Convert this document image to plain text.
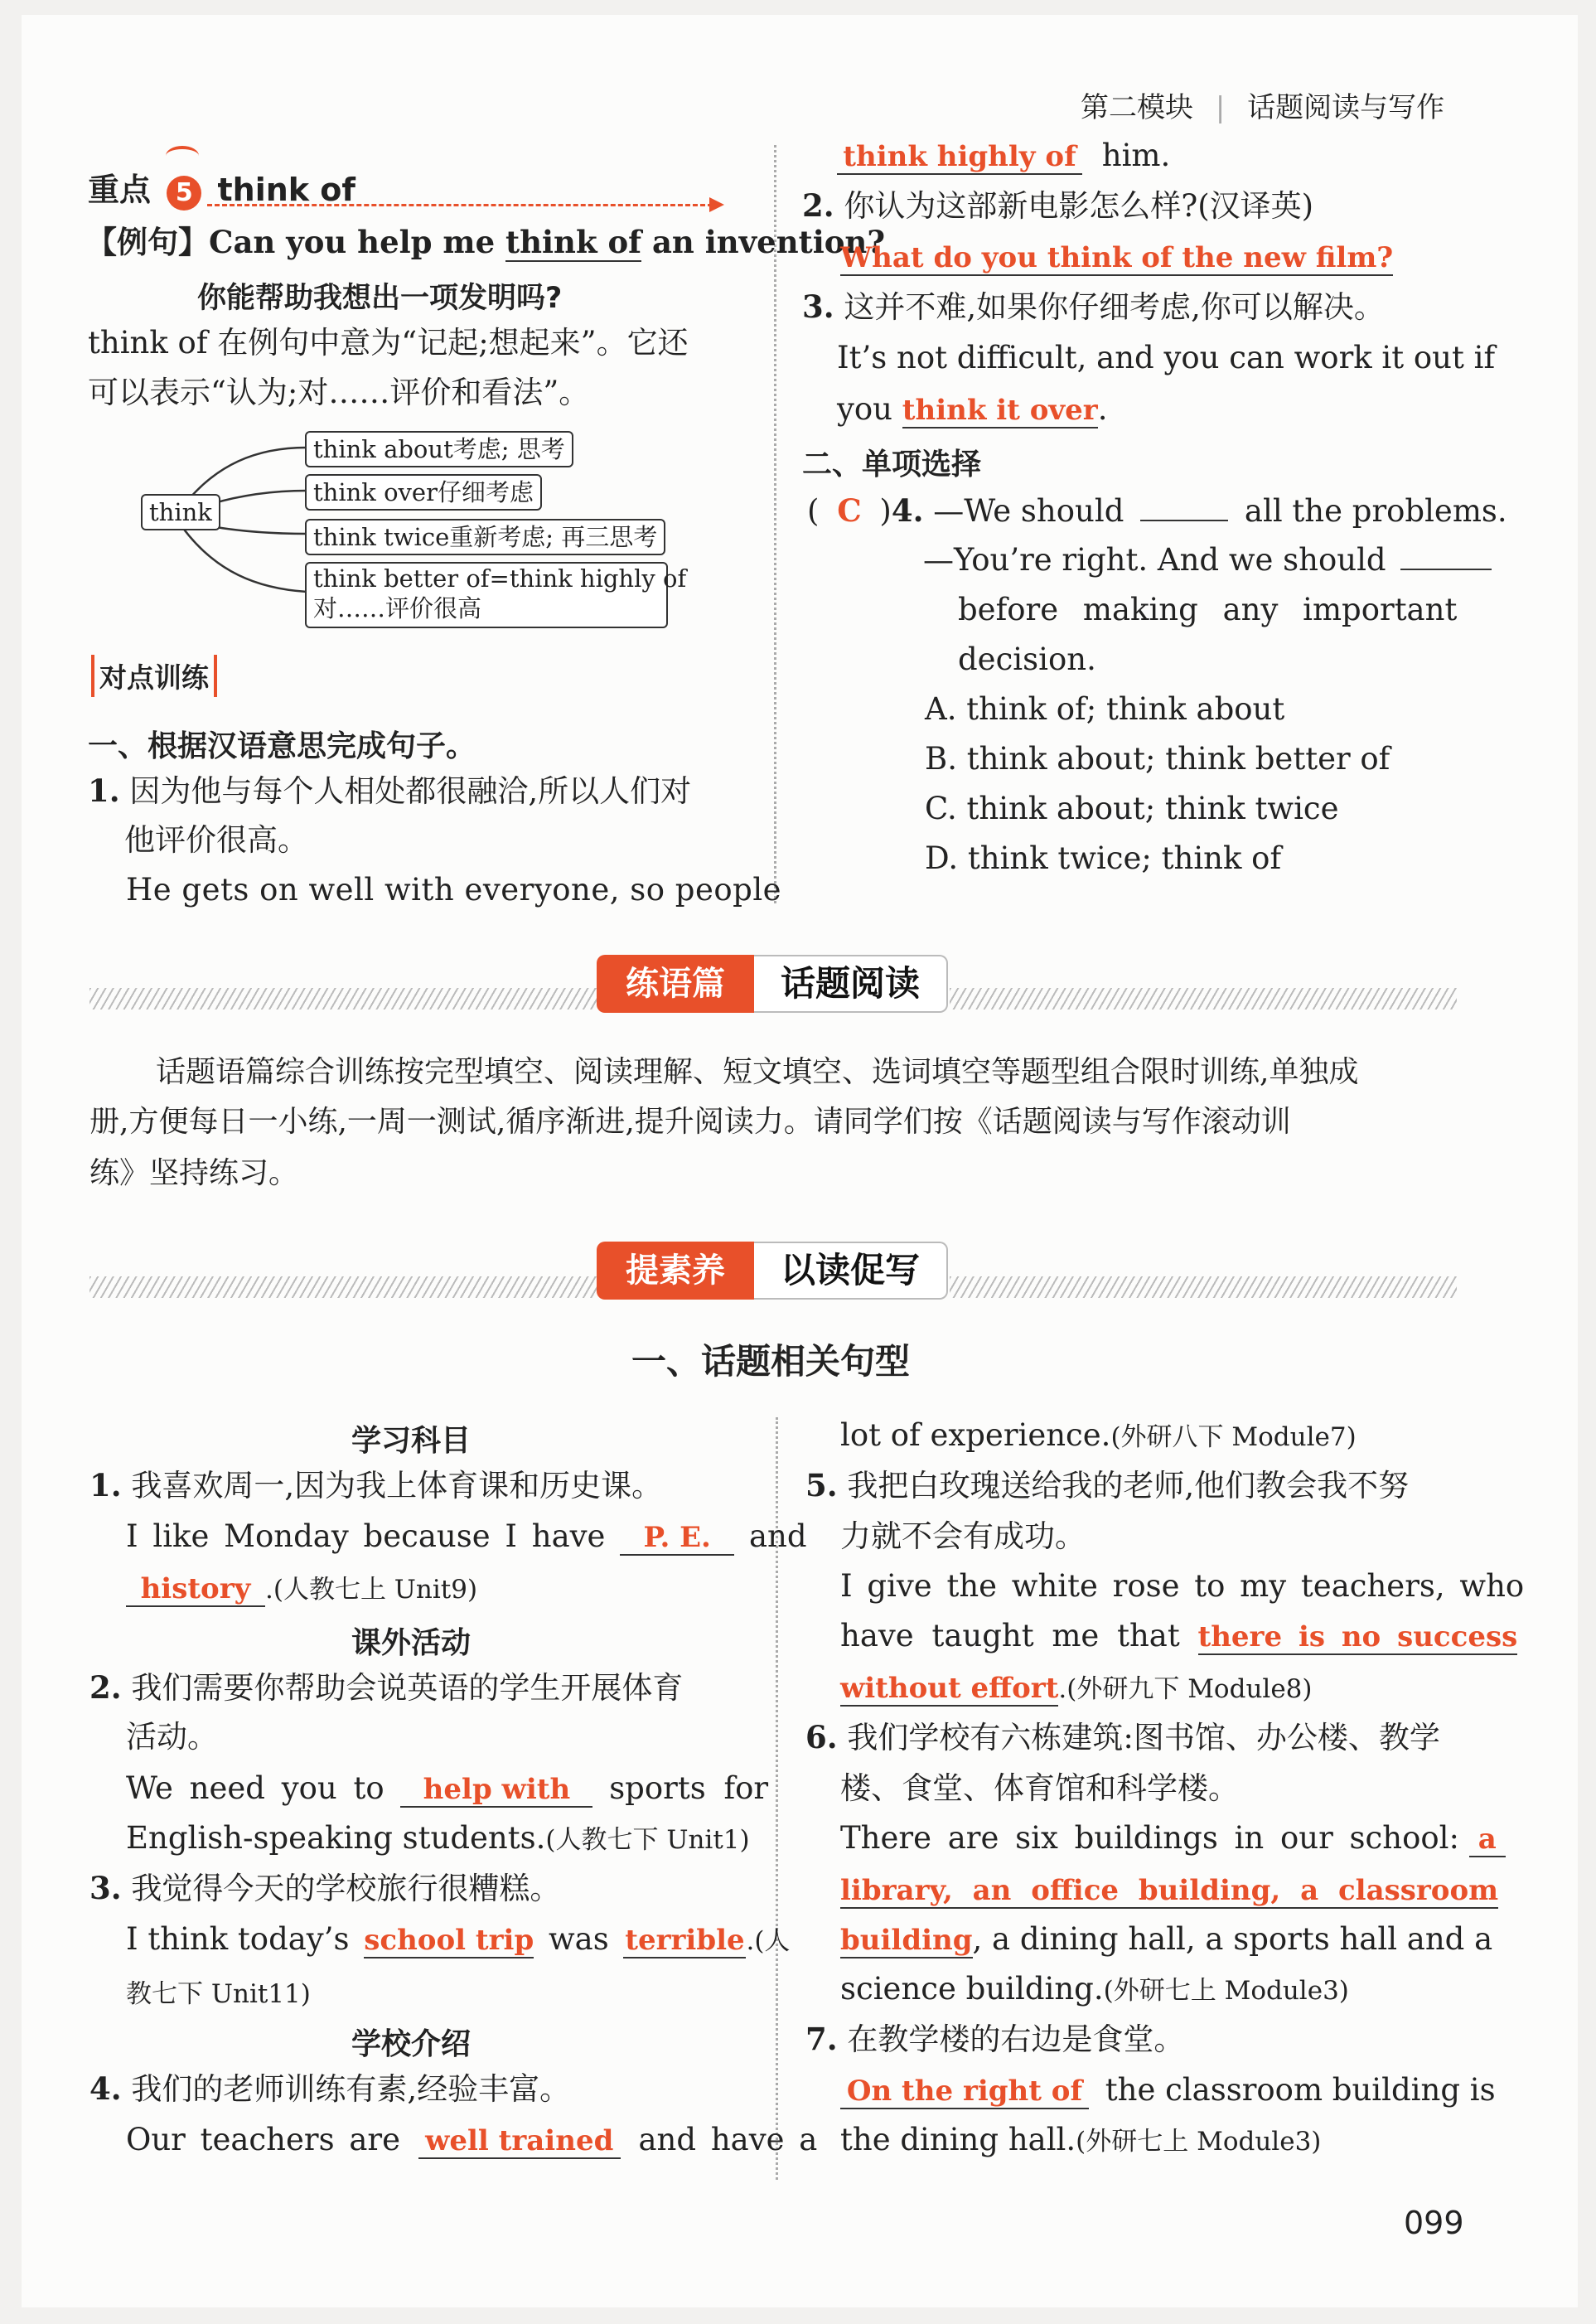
第二模块 | 话题阅读与写作
重点 5 think of
【例句】Can you help me think of an invention?
你能帮助我想出一项发明吗?
think of 在例句中意为“记起;想起来”。它还
可以表示“认为;对……评价和看法”。
think
think about考虑; 思考
think over仔细考虑
think twice重新考虑; 再三思考
think better of=think highly of
对……评价很高
对点训练
一、根据汉语意思完成句子。
1. 因为他与每个人相处都很融洽,所以人们对
他评价很高。
He gets on well with everyone, so people
think highly of him.
2. 你认为这部新电影怎么样?(汉译英)
What do you think of the new film?
3. 这并不难,如果你仔细考虑,你可以解决。
It’s not difficult, and you can work it out if
you think it over.
二、单项选择
( C )4. —We should	all the problems.
—You’re right. And we should
before making any important
decision.
A. think of; think about
B. think about; think better of
C. think about; think twice
D. think twice; think of
练语篇	话题阅读
话题语篇综合训练按完型填空、阅读理解、短文填空、选词填空等题型组合限时训练,单独成
册,方便每日一小练,一周一测试,循序渐进,提升阅读力。请同学们按《话题阅读与写作滚动训
练》坚持练习。
提素养	以读促写
一、话题相关句型
学习科目
1. 我喜欢周一,因为我上体育课和历史课。
I like Monday because I have P. E. and
history .(人教七上 Unit9)
课外活动
2. 我们需要你帮助会说英语的学生开展体育
活动。
We need you to help with sports for
English-speaking students.(人教七下 Unit1)
3. 我觉得今天的学校旅行很糟糕。
I think today’s school trip was terrible.(人
教七下 Unit11)
学校介绍
4. 我们的老师训练有素,经验丰富。
Our teachers are well trained and have a
lot of experience.(外研八下 Module7)
5. 我把白玫瑰送给我的老师,他们教会我不努
力就不会有成功。
I give the white rose to my teachers, who
have taught me that there is no success
without effort.(外研九下 Module8)
6. 我们学校有六栋建筑:图书馆、办公楼、教学
楼、食堂、体育馆和科学楼。
There are six buildings in our school: a
library, an office building, a classroom
building, a dining hall, a sports hall and a
science building.(外研七上 Module3)
7. 在教学楼的右边是食堂。
On the right of the classroom building is
the dining hall.(外研七上 Module3)
099
